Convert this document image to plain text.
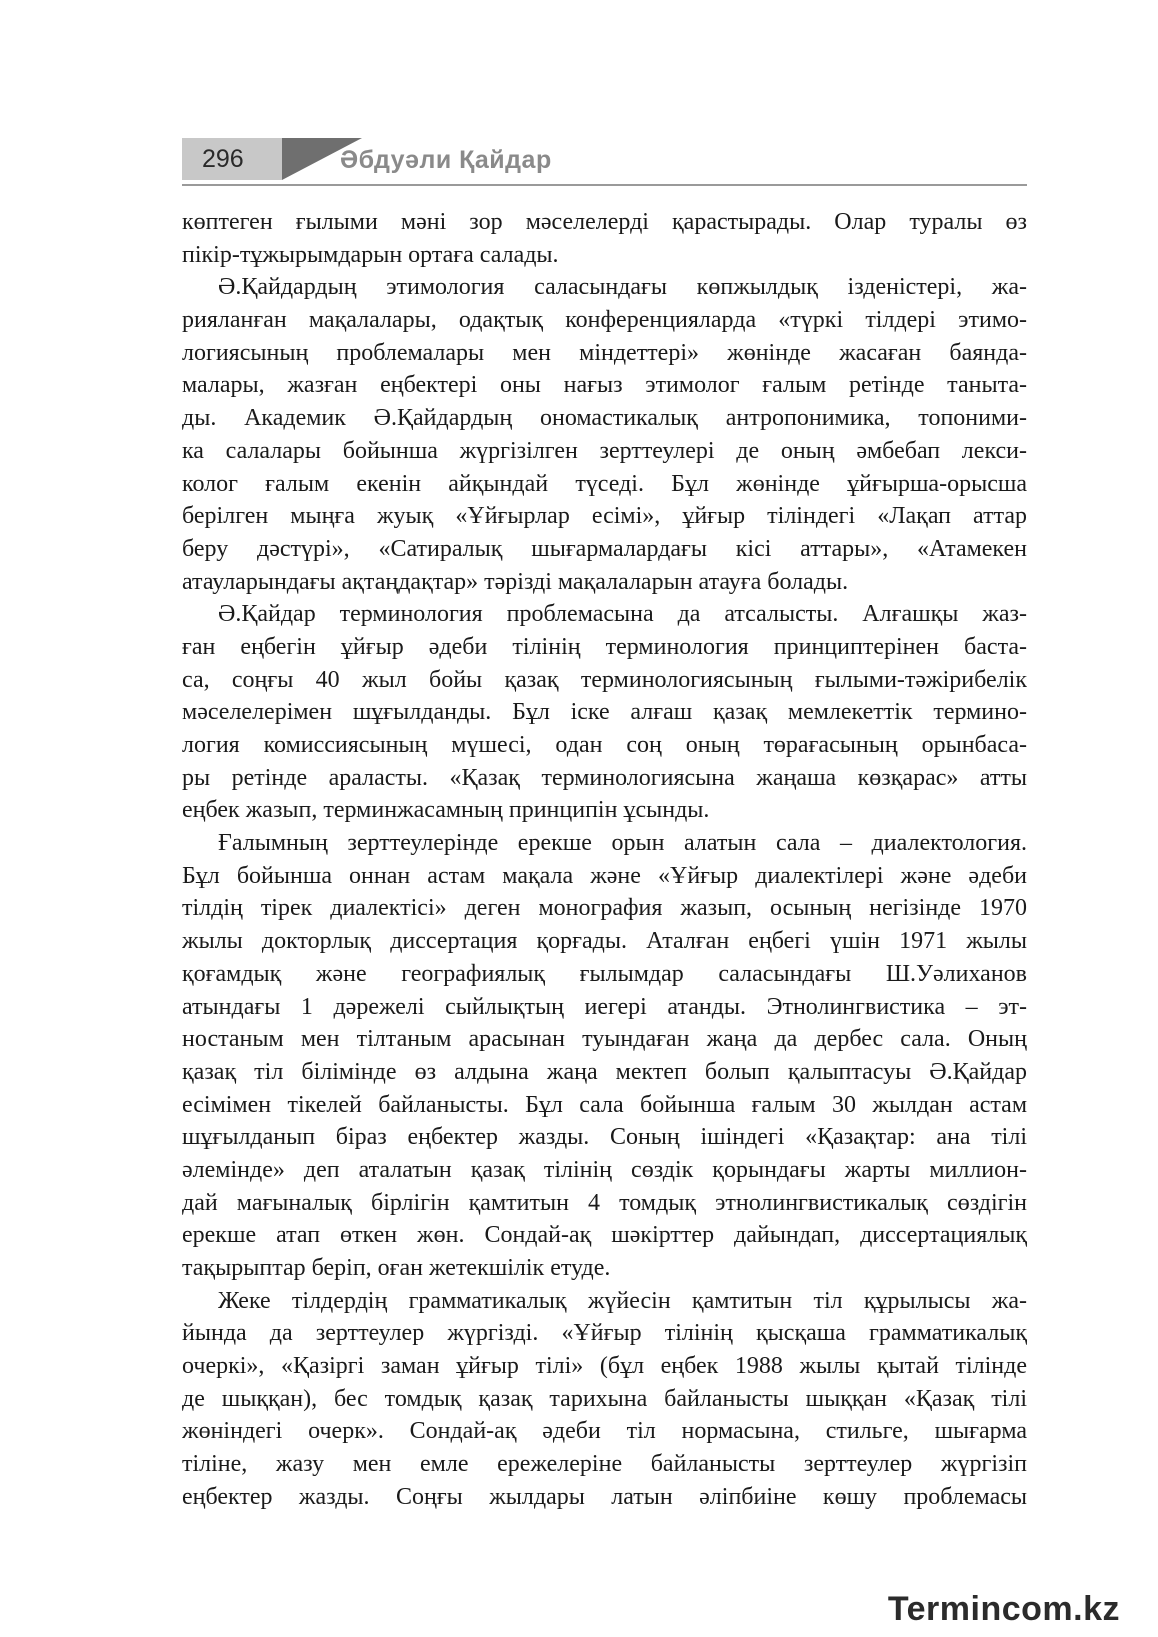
296	Әбдуәли Қайдар
көптеген ғылыми мәні зор мәселелерді қарастырады. Олар туралы өз
пікір-тұжырымдарын ортаға салады.
Ә.Қайдардың этимология саласындағы көпжылдық ізденістері, жа-
рияланған мақалалары, одақтық конференцияларда «түркі тілдері этимо-
логиясының проблемалары мен міндеттері» жөнінде жасаған баянда-
малары, жазған еңбектері оны нағыз этимолог ғалым ретінде таныта-
ды. Академик Ә.Қайдардың ономастикалық антропонимика, топоними-
ка салалары бойынша жүргізілген зерттеулері де оның әмбебап лекси-
колог ғалым екенін айқындай түседі. Бұл жөнінде ұйғырша-орысша
берілген мыңға жуық «Ұйғырлар есімі», ұйғыр тіліндегі «Лақап аттар
беру дәстүрі», «Сатиралық шығармалардағы кісі аттары», «Атамекен
атауларындағы ақтаңдақтар» тәрізді мақалаларын атауға болады.
Ә.Қайдар терминология проблемасына да атсалысты. Алғашқы жаз-
ған еңбегін ұйғыр әдеби тілінің терминология принциптерінен баста-
са, соңғы 40 жыл бойы қазақ терминологиясының ғылыми-тәжірибелік
мәселелерімен шұғылданды. Бұл іске алғаш қазақ мемлекеттік термино-
логия комиссиясының мүшесі, одан соң оның төрағасының орынбаса-
ры ретінде араласты. «Қазақ терминологиясына жаңаша көзқарас» атты
еңбек жазып, терминжасамның принципін ұсынды.
Ғалымның зерттеулерінде ерекше орын алатын сала – диалектология.
Бұл бойынша оннан астам мақала және «Ұйғыр диалектілері және әдеби
тілдің тірек диалектісі» деген монография жазып, осының негізінде 1970
жылы докторлық диссертация қорғады. Аталған еңбегі үшін 1971 жылы
қоғамдық және географиялық ғылымдар саласындағы Ш.Уәлиханов
атындағы 1 дәрежелі сыйлықтың иегері атанды. Этнолингвистика – эт-
ностаным мен тілтаным арасынан туындаған жаңа да дербес сала. Оның
қазақ тіл білімінде өз алдына жаңа мектеп болып қалыптасуы Ә.Қайдар
есімімен тікелей байланысты. Бұл сала бойынша ғалым 30 жылдан астам
шұғылданып біраз еңбектер жазды. Соның ішіндегі «Қазақтар: ана тілі
әлемінде» деп аталатын қазақ тілінің сөздік қорындағы жарты миллион-
дай мағыналық бірлігін қамтитын 4 томдық этнолингвистикалық сөздігін
ерекше атап өткен жөн. Сондай-ақ шәкірттер дайындап, диссертациялық
тақырыптар беріп, оған жетекшілік етуде.
Жеке тілдердің грамматикалық жүйесін қамтитын тіл құрылысы жа-
йында да зерттеулер жүргізді. «Ұйғыр тілінің қысқаша грамматикалық
очеркі», «Қазіргі заман ұйғыр тілі» (бұл еңбек 1988 жылы қытай тілінде
де шыққан), бес томдық қазақ тарихына байланысты шыққан «Қазақ тілі
жөніндегі очерк». Сондай-ақ әдеби тіл нормасына, стильге, шығарма
тіліне, жазу мен емле ережелеріне байланысты зерттеулер жүргізіп
еңбектер жазды. Соңғы жылдары латын әліпбиіне көшу проблемасы
Termincom.kz
